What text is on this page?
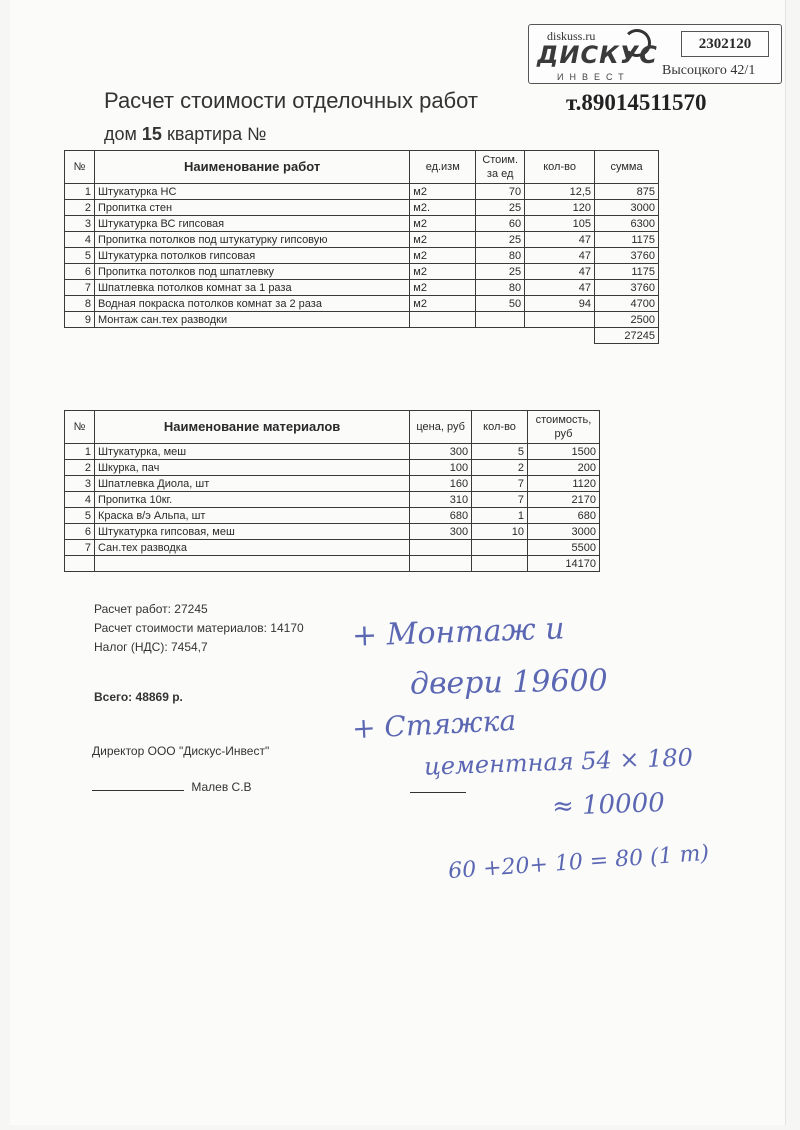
diskuss.ru
ДИСКУС
ИНВЕСТ
2302120
Высоцкого 42/1
т.89014511570
Расчет стоимости отделочных работ
дом 15 квартира №
№	Наименование работ	ед.изм	Стоим. за ед	кол-во	сумма
1	Штукатурка НС	м2	70	12,5	875
2	Пропитка стен	м2.	25	120	3000
3	Штукатурка ВС гипсовая	м2	60	105	6300
4	Пропитка потолков под штукатурку гипсовую	м2	25	47	1175
5	Штукатурка потолков гипсовая	м2	80	47	3760
6	Пропитка потолков под шпатлевку	м2	25	47	1175
7	Шпатлевка потолков комнат за 1 раза	м2	80	47	3760
8	Водная покраска потолков комнат за 2 раза	м2	50	94	4700
9	Монтаж сан.тех разводки				2500
					27245
№	Наименование материалов	цена, руб	кол-во	стоимость, руб
1	Штукатурка, меш	300	5	1500
2	Шкурка, пач	100	2	200
3	Шпатлевка Диола, шт	160	7	1120
4	Пропитка 10кг.	310	7	2170
5	Краска в/э Альпа, шт	680	1	680
6	Штукатурка гипсовая, меш	300	10	3000
7	Сан.тех разводка			5500
				14170
Расчет работ: 27245
Расчет стоимости материалов: 14170
Налог (НДС): 7454,7
Всего: 48869 р.
Директор ООО "Дискус-Инвест"
Малев С.В
+ Монтаж и
двери 19600
+ Стяжка
цементная 54 × 180
≈ 10000
60 +20+ 10 = 80 (1 т)
